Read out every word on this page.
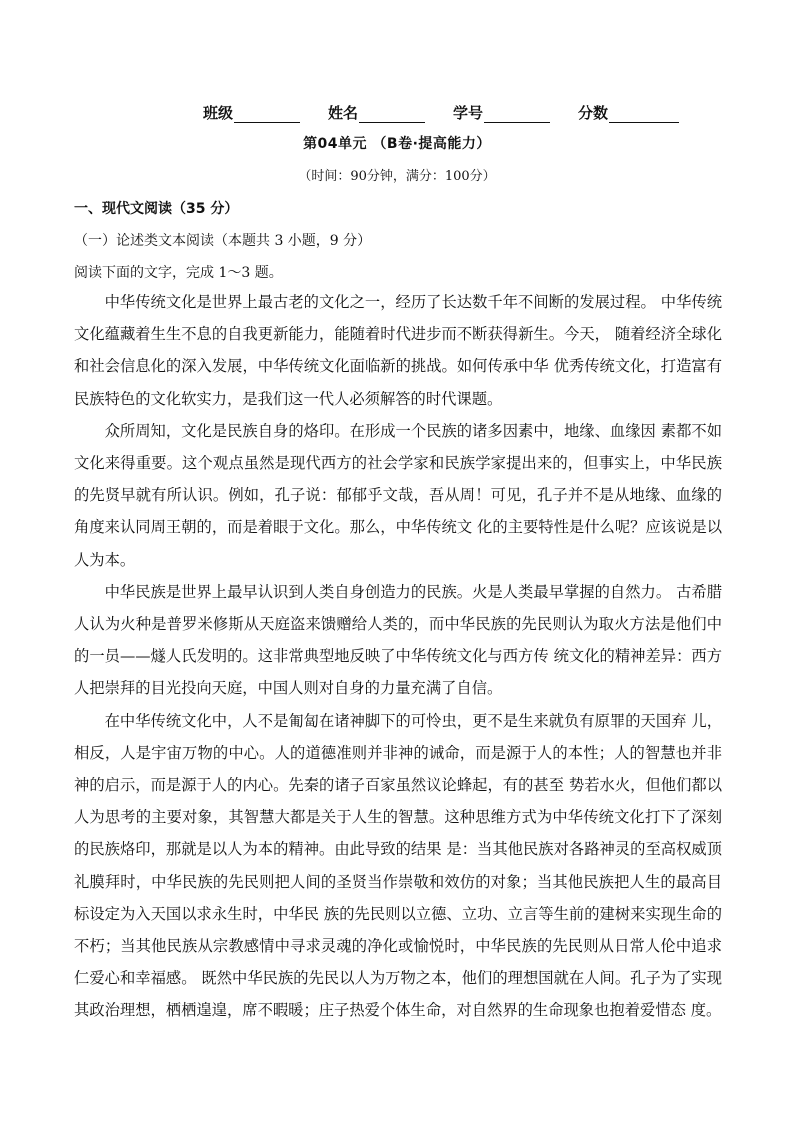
班级	姓名	学号	分数
第04单元 （B卷·提高能力）
（时间：90分钟，满分：100分）
一、现代文阅读（35 分）
（一）论述类文本阅读（本题共 3 小题，9 分）
阅读下面的文字，完成 1～3 题。

中华传统文化是世界上最古老的文化之一，经历了长达数千年不间断的发展过程。 中华传统文化蕴藏着生生不息的自我更新能力，能随着时代进步而不断获得新生。今天， 随着经济全球化和社会信息化的深入发展，中华传统文化面临新的挑战。如何传承中华 优秀传统文化，打造富有民族特色的文化软实力，是我们这一代人必须解答的时代课题。

众所周知，文化是民族自身的烙印。在形成一个民族的诸多因素中，地缘、血缘因 素都不如文化来得重要。这个观点虽然是现代西方的社会学家和民族学家提出来的，但事实上，中华民族的先贤早就有所认识。例如，孔子说：郁郁乎文哉，吾从周！可见，孔子并不是从地缘、血缘的角度来认同周王朝的，而是着眼于文化。那么，中华传统文 化的主要特性是什么呢？应该说是以人为本。

中华民族是世界上最早认识到人类自身创造力的民族。火是人类最早掌握的自然力。 古希腊人认为火种是普罗米修斯从天庭盗来馈赠给人类的，而中华民族的先民则认为取火方法是他们中的一员——燧人氏发明的。这非常典型地反映了中华传统文化与西方传 统文化的精神差异：西方人把崇拜的目光投向天庭，中国人则对自身的力量充满了自信。

在中华传统文化中，人不是匍匐在诸神脚下的可怜虫，更不是生来就负有原罪的天国弃 儿，相反，人是宇宙万物的中心。人的道德准则并非神的诫命，而是源于人的本性；人的智慧也并非神的启示，而是源于人的内心。先秦的诸子百家虽然议论蜂起，有的甚至 势若水火，但他们都以人为思考的主要对象，其智慧大都是关于人生的智慧。这种思维方式为中华传统文化打下了深刻的民族烙印，那就是以人为本的精神。由此导致的结果 是：当其他民族对各路神灵的至高权威顶礼膜拜时，中华民族的先民则把人间的圣贤当作崇敬和效仿的对象；当其他民族把人生的最高目标设定为入天国以求永生时，中华民 族的先民则以立德、立功、立言等生前的建树来实现生命的不朽；当其他民族从宗教感情中寻求灵魂的净化或愉悦时，中华民族的先民则从日常人伦中追求仁爱心和幸福感。 既然中华民族的先民以人为万物之本，他们的理想国就在人间。孔子为了实现其政治理想，栖栖遑遑，席不暇暖；庄子热爱个体生命，对自然界的生命现象也抱着爱惜态 度。
